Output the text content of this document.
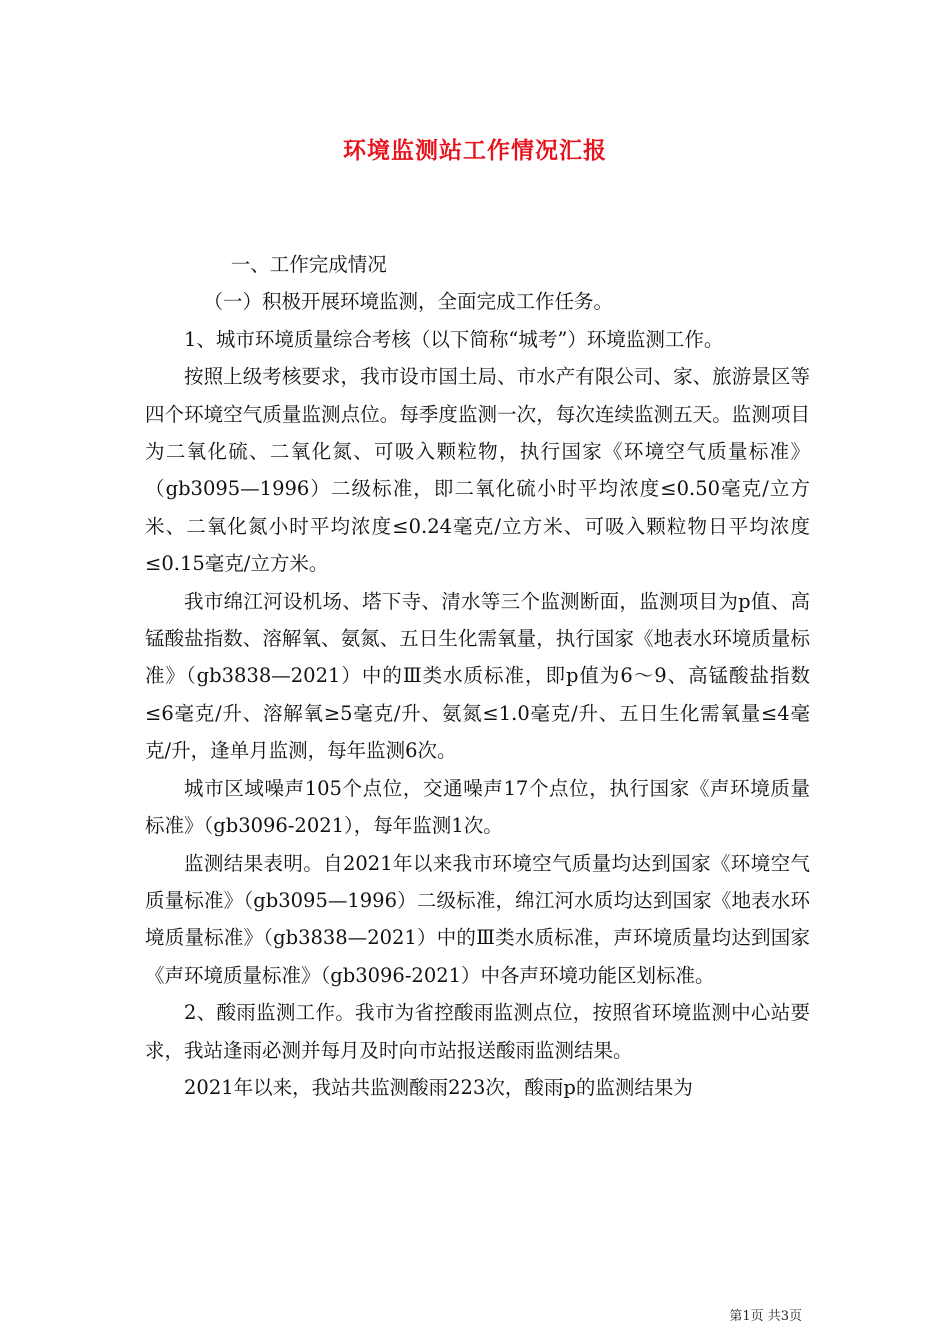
环境监测站工作情况汇报

一、工作完成情况

（一）积极开展环境监测，全面完成工作任务。

1、城市环境质量综合考核（以下简称“城考”）环境监测工作。

按照上级考核要求，我市设市国土局、市水产有限公司、家、旅游景区等四个环境空气质量监测点位。每季度监测一次，每次连续监测五天。监测项目为二氧化硫、二氧化氮、可吸入颗粒物，执行国家《环境空气质量标准》（gb3095—1996）二级标准，即二氧化硫小时平均浓度≤0.50毫克/立方米、二氧化氮小时平均浓度≤0.24毫克/立方米、可吸入颗粒物日平均浓度≤0.15毫克/立方米。

我市绵江河设机场、塔下寺、清水等三个监测断面，监测项目为p值、高锰酸盐指数、溶解氧、氨氮、五日生化需氧量，执行国家《地表水环境质量标准》（gb3838—2021）中的Ⅲ类水质标准，即p值为6～9、高锰酸盐指数≤6毫克/升、溶解氧≥5毫克/升、氨氮≤1.0毫克/升、五日生化需氧量≤4毫克/升，逢单月监测，每年监测6次。

城市区域噪声105个点位，交通噪声17个点位，执行国家《声环境质量标准》（gb3096-2021），每年监测1次。

监测结果表明。自2021年以来我市环境空气质量均达到国家《环境空气质量标准》（gb3095—1996）二级标准，绵江河水质均达到国家《地表水环境质量标准》（gb3838—2021）中的Ⅲ类水质标准，声环境质量均达到国家《声环境质量标准》（gb3096-2021）中各声环境功能区划标准。

2、酸雨监测工作。我市为省控酸雨监测点位，按照省环境监测中心站要求，我站逢雨必测并每月及时向市站报送酸雨监测结果。

2021年以来，我站共监测酸雨223次，酸雨p的监测结果为

第1页 共3页
